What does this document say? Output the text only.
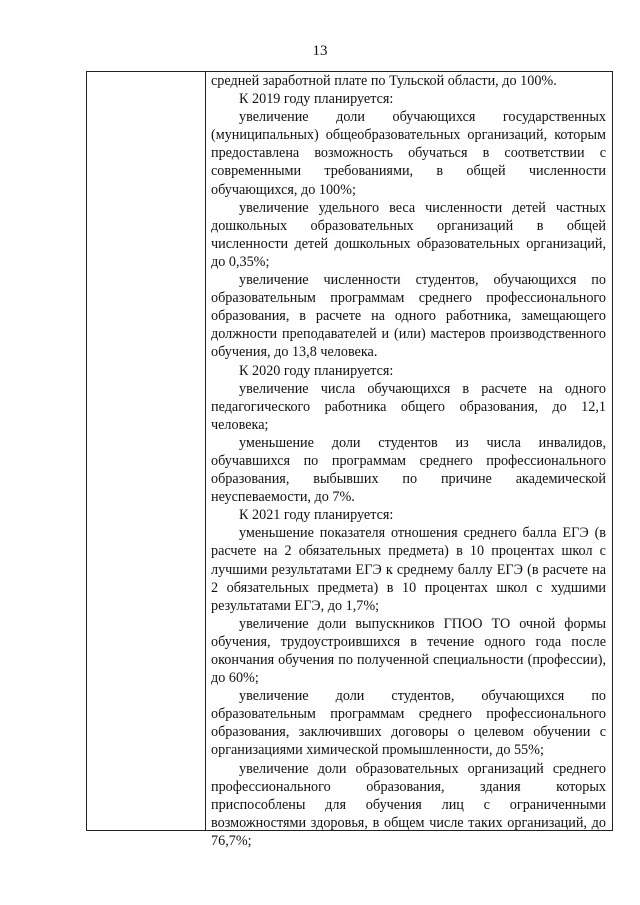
13

средней заработной плате по Тульской области, до 100%.

К 2019 году планируется:

увеличение доли обучающихся государственных (муниципальных) общеобразовательных организаций, которым предоставлена возможность обучаться в соответствии с современными требованиями, в общей численности обучающихся, до 100%;

увеличение удельного веса численности детей частных дошкольных образовательных организаций в общей численности детей дошкольных образовательных организаций, до 0,35%;

увеличение численности студентов, обучающихся по образовательным программам среднего профессионального образования, в расчете на одного работника, замещающего должности преподавателей и (или) мастеров производственного обучения, до 13,8 человека.

К 2020 году планируется:

увеличение числа обучающихся в расчете на одного педагогического работника общего образования, до 12,1 человека;

уменьшение доли студентов из числа инвалидов, обучавшихся по программам среднего профессионального образования, выбывших по причине академической неуспеваемости, до 7%.

К 2021 году планируется:

уменьшение показателя отношения среднего балла ЕГЭ (в расчете на 2 обязательных предмета) в 10 процентах школ с лучшими результатами ЕГЭ к среднему баллу ЕГЭ (в расчете на 2 обязательных предмета) в 10 процентах школ с худшими результатами ЕГЭ, до 1,7%;

увеличение доли выпускников ГПОО ТО очной формы обучения, трудоустроившихся в течение одного года после окончания обучения по полученной специальности (профессии), до 60%;

увеличение доли студентов, обучающихся по образовательным программам среднего профессионального образования, заключивших договоры о целевом обучении с организациями химической промышленности, до 55%;

увеличение доли образовательных организаций среднего профессионального образования, здания которых приспособлены для обучения лиц с ограниченными возможностями здоровья, в общем числе таких организаций, до 76,7%;
